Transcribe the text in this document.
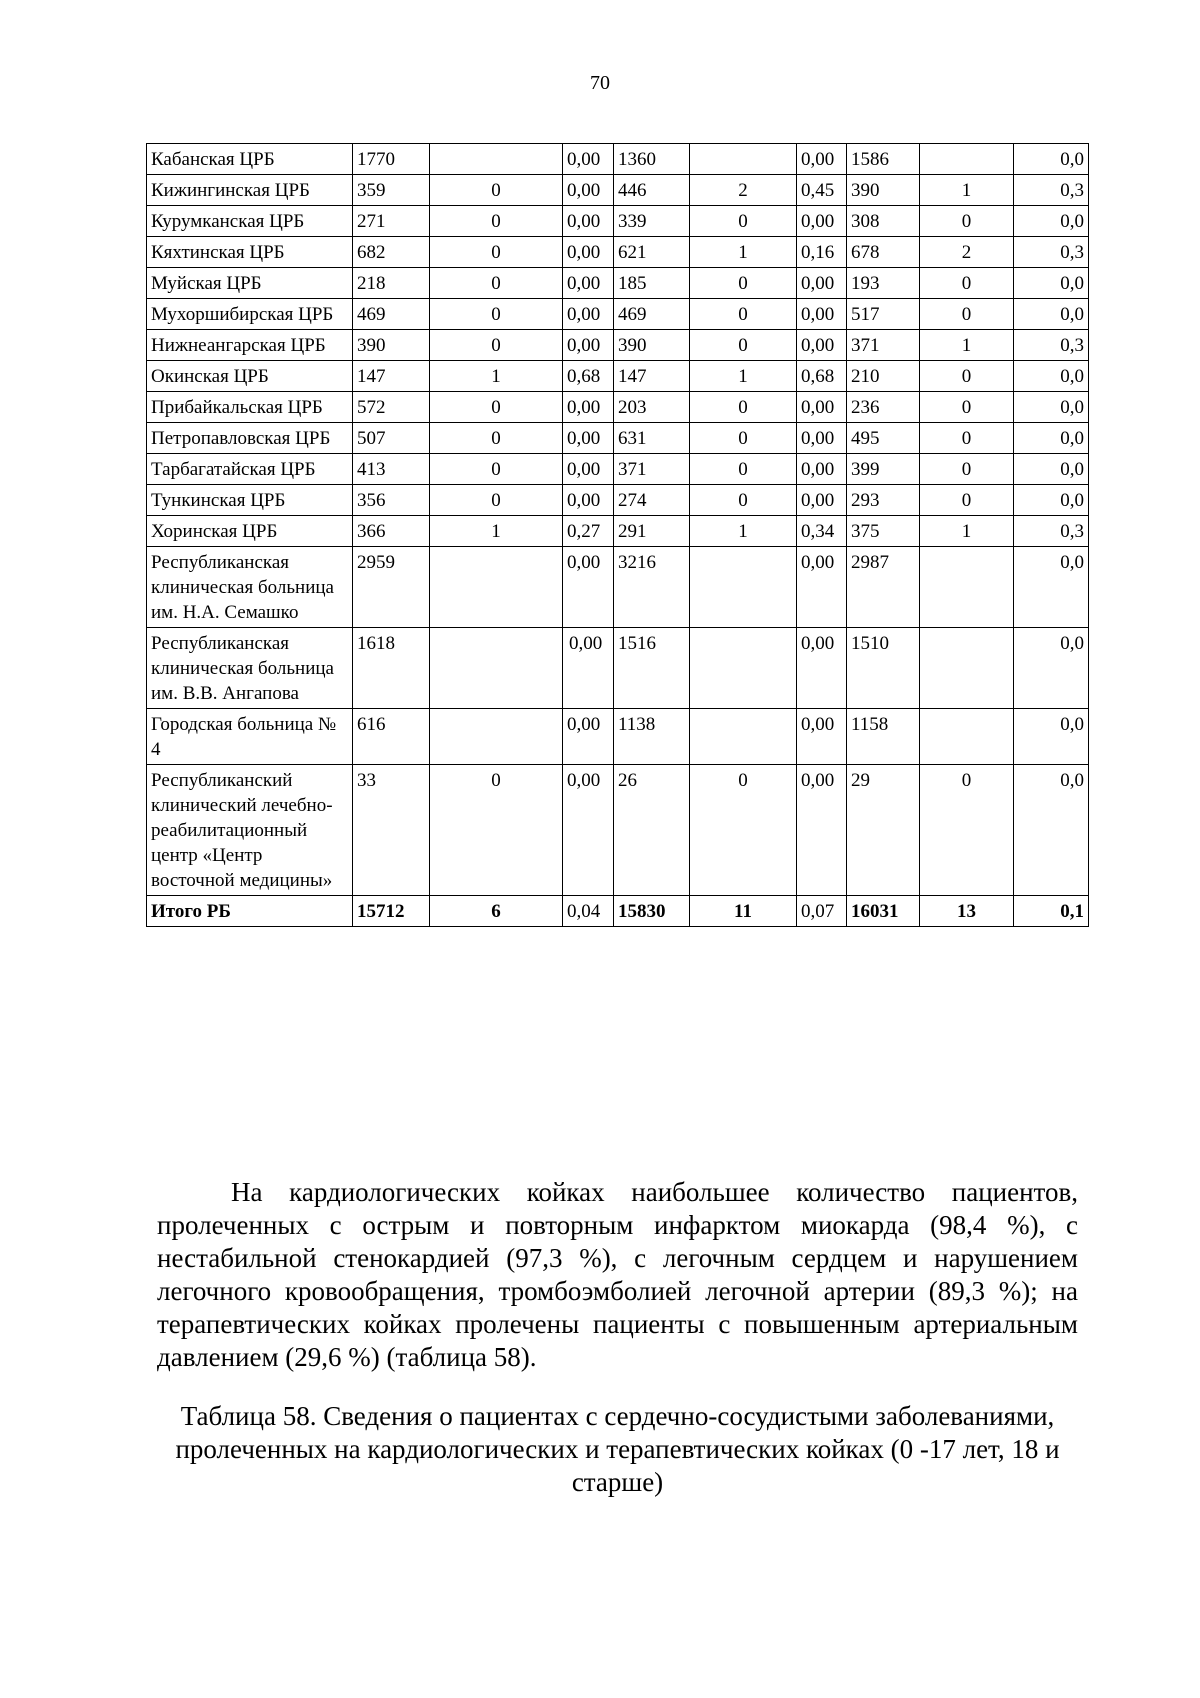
70
Кабанская ЦРБ	1770		0,00	1360		0,00	1586		0,0
Кижингинская ЦРБ	359	0	0,00	446	2	0,45	390	1	0,3
Курумканская ЦРБ	271	0	0,00	339	0	0,00	308	0	0,0
Кяхтинская ЦРБ	682	0	0,00	621	1	0,16	678	2	0,3
Муйская ЦРБ	218	0	0,00	185	0	0,00	193	0	0,0
Мухоршибирская ЦРБ	469	0	0,00	469	0	0,00	517	0	0,0
Нижнеангарская ЦРБ	390	0	0,00	390	0	0,00	371	1	0,3
Окинская ЦРБ	147	1	0,68	147	1	0,68	210	0	0,0
Прибайкальская ЦРБ	572	0	0,00	203	0	0,00	236	0	0,0
Петропавловская ЦРБ	507	0	0,00	631	0	0,00	495	0	0,0
Тарбагатайская ЦРБ	413	0	0,00	371	0	0,00	399	0	0,0
Тункинская ЦРБ	356	0	0,00	274	0	0,00	293	0	0,0
Хоринская ЦРБ	366	1	0,27	291	1	0,34	375	1	0,3
Республиканская клиническая больница им. Н.А. Семашко	2959		0,00	3216		0,00	2987		0,0
Республиканская клиническая больница им. В.В. Ангапова	1618		0,00	1516		0,00	1510		0,0
Городская больница № 4	616		0,00	1138		0,00	1158		0,0
Республиканский клинический лечебно-реабилитационный центр «Центр восточной медицины»	33	0	0,00	26	0	0,00	29	0	0,0
Итого РБ	15712	6	0,04	15830	11	0,07	16031	13	0,1

На кардиологических койках наибольшее количество пациентов, пролеченных с острым и повторным инфарктом миокарда (98,4 %), с нестабильной стенокардией (97,3 %), с легочным сердцем и нарушением легочного кровообращения, тромбоэмболией легочной артерии (89,3 %); на терапевтических койках пролечены пациенты с повышенным артериальным давлением (29,6 %) (таблица 58).

Таблица 58. Сведения о пациентах с сердечно-сосудистыми заболеваниями, пролеченных на кардиологических и терапевтических койках (0 -17 лет, 18 и старше)
